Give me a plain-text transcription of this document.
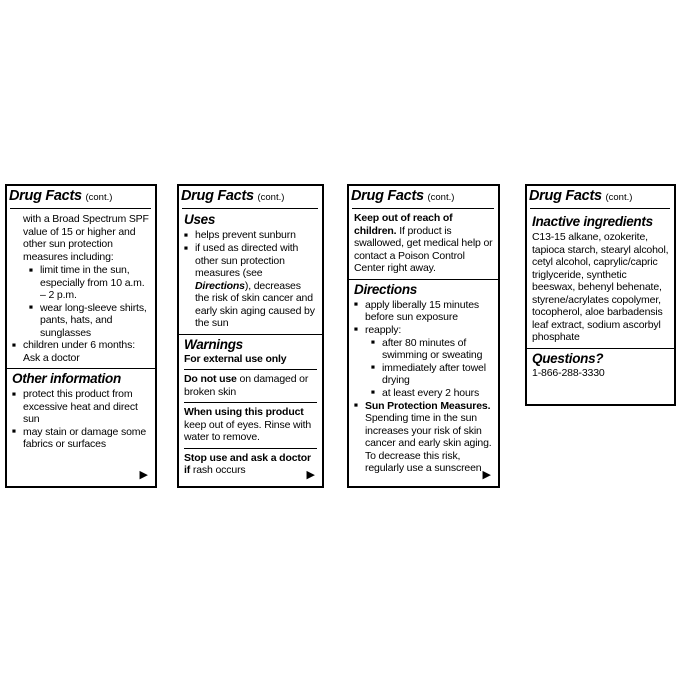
Drug Facts (cont.)
with a Broad Spectrum SPF value of 15 or higher and other sun protection measures including:
■ limit time in the sun, especially from 10 a.m. – 2 p.m.
■ wear long-sleeve shirts, pants, hats, and sunglasses
■ children under 6 months: Ask a doctor
Other information
■ protect this product from excessive heat and direct sun
■ may stain or damage some fabrics or surfaces
▶
Drug Facts (cont.)
Uses
■ helps prevent sunburn
■ if used as directed with other sun protection measures (see Directions), decreases the risk of skin cancer and early skin aging caused by the sun
Warnings
For external use only
Do not use on damaged or broken skin
When using this product keep out of eyes. Rinse with water to remove.
Stop use and ask a doctor if rash occurs	▶
Drug Facts (cont.)
Keep out of reach of children. If product is swallowed, get medical help or contact a Poison Control Center right away.
Directions
■ apply liberally 15 minutes before sun exposure
■ reapply:
■ after 80 minutes of swimming or sweating
■ immediately after towel drying
■ at least every 2 hours
■ Sun Protection Measures. Spending time in the sun increases your risk of skin cancer and early skin aging. To decrease this risk, regularly use a sunscreen
▶
Drug Facts (cont.)
Inactive ingredients
C13-15 alkane, ozokerite, tapioca starch, stearyl alcohol, cetyl alcohol, caprylic/capric triglyceride, synthetic beeswax, behenyl behenate, styrene/acrylates copolymer, tocopherol, aloe barbadensis leaf extract, sodium ascorbyl phosphate
Questions?
1-866-288-3330
